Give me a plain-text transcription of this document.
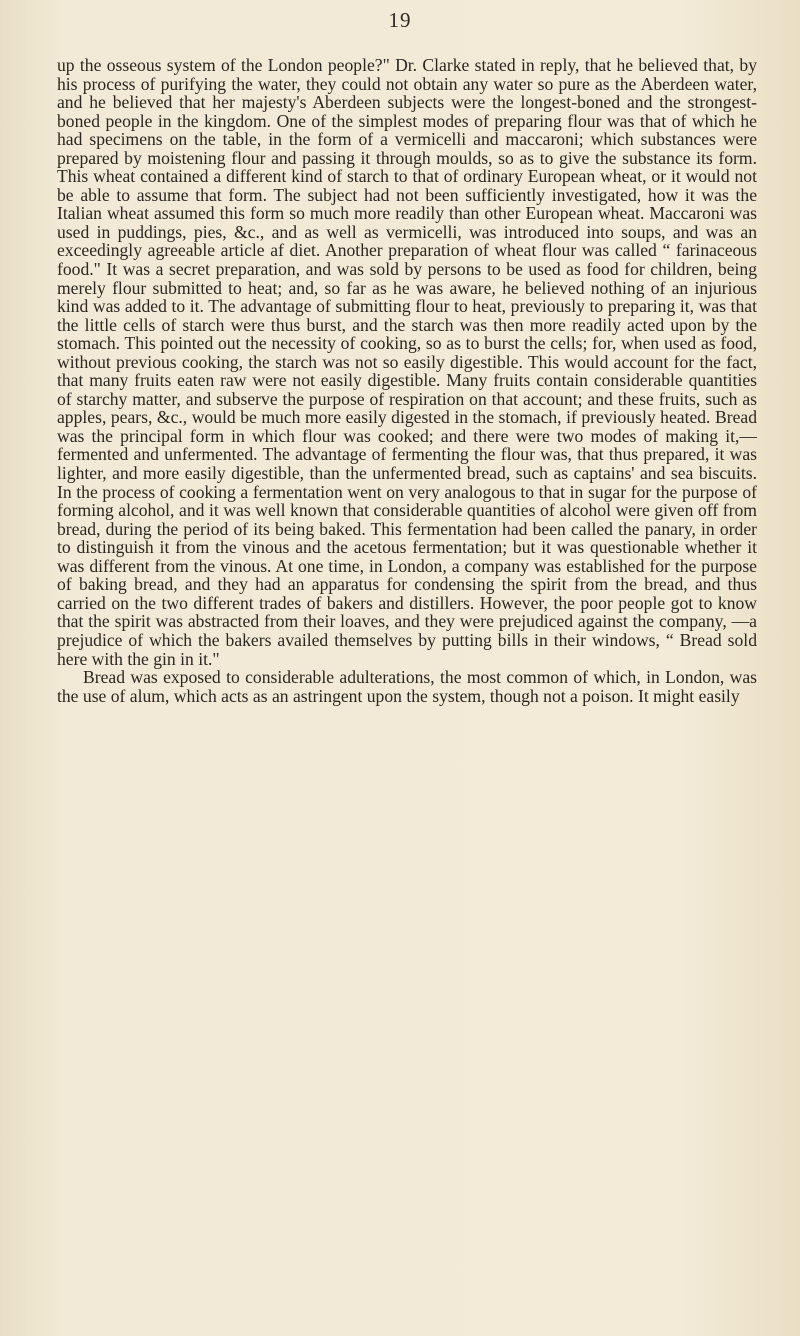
19

up the osseous system of the London people?" Dr. Clarke stated in reply, that he believed that, by his process of purifying the water, they could not obtain any water so pure as the Aberdeen water, and he believed that her majesty's Aberdeen subjects were the longest-boned and the strongest-boned people in the kingdom. One of the simplest modes of preparing flour was that of which he had specimens on the table, in the form of a vermicelli and maccaroni; which substances were prepared by moistening flour and passing it through moulds, so as to give the substance its form. This wheat contained a different kind of starch to that of ordinary European wheat, or it would not be able to assume that form. The subject had not been sufficiently investigated, how it was the Italian wheat assumed this form so much more readily than other European wheat. Maccaroni was used in puddings, pies, &c., and as well as vermicelli, was introduced into soups, and was an exceedingly agreeable article af diet. Another preparation of wheat flour was called “ farinaceous food." It was a secret preparation, and was sold by persons to be used as food for children, being merely flour submitted to heat; and, so far as he was aware, he believed nothing of an injurious kind was added to it. The advantage of submitting flour to heat, previously to preparing it, was that the little cells of starch were thus burst, and the starch was then more readily acted upon by the stomach. This pointed out the necessity of cooking, so as to burst the cells; for, when used as food, without previous cooking, the starch was not so easily digestible. This would account for the fact, that many fruits eaten raw were not easily digestible. Many fruits contain considerable quantities of starchy matter, and subserve the purpose of respiration on that account; and these fruits, such as apples, pears, &c., would be much more easily digested in the stomach, if previously heated. Bread was the principal form in which flour was cooked; and there were two modes of making it,—fermented and unfermented. The advantage of fermenting the flour was, that thus prepared, it was lighter, and more easily digestible, than the unfermented bread, such as captains' and sea biscuits. In the process of cooking a fermentation went on very analogous to that in sugar for the purpose of forming alcohol, and it was well known that considerable quantities of alcohol were given off from bread, during the period of its being baked. This fermentation had been called the panary, in order to distinguish it from the vinous and the acetous fermentation; but it was questionable whether it was different from the vinous. At one time, in London, a company was established for the purpose of baking bread, and they had an apparatus for condensing the spirit from the bread, and thus carried on the two different trades of bakers and distillers. However, the poor people got to know that the spirit was abstracted from their loaves, and they were prejudiced against the company, —a prejudice of which the bakers availed themselves by putting bills in their windows, “ Bread sold here with the gin in it."

Bread was exposed to considerable adulterations, the most common of which, in London, was the use of alum, which acts as an astringent upon the system, though not a poison. It might easily
